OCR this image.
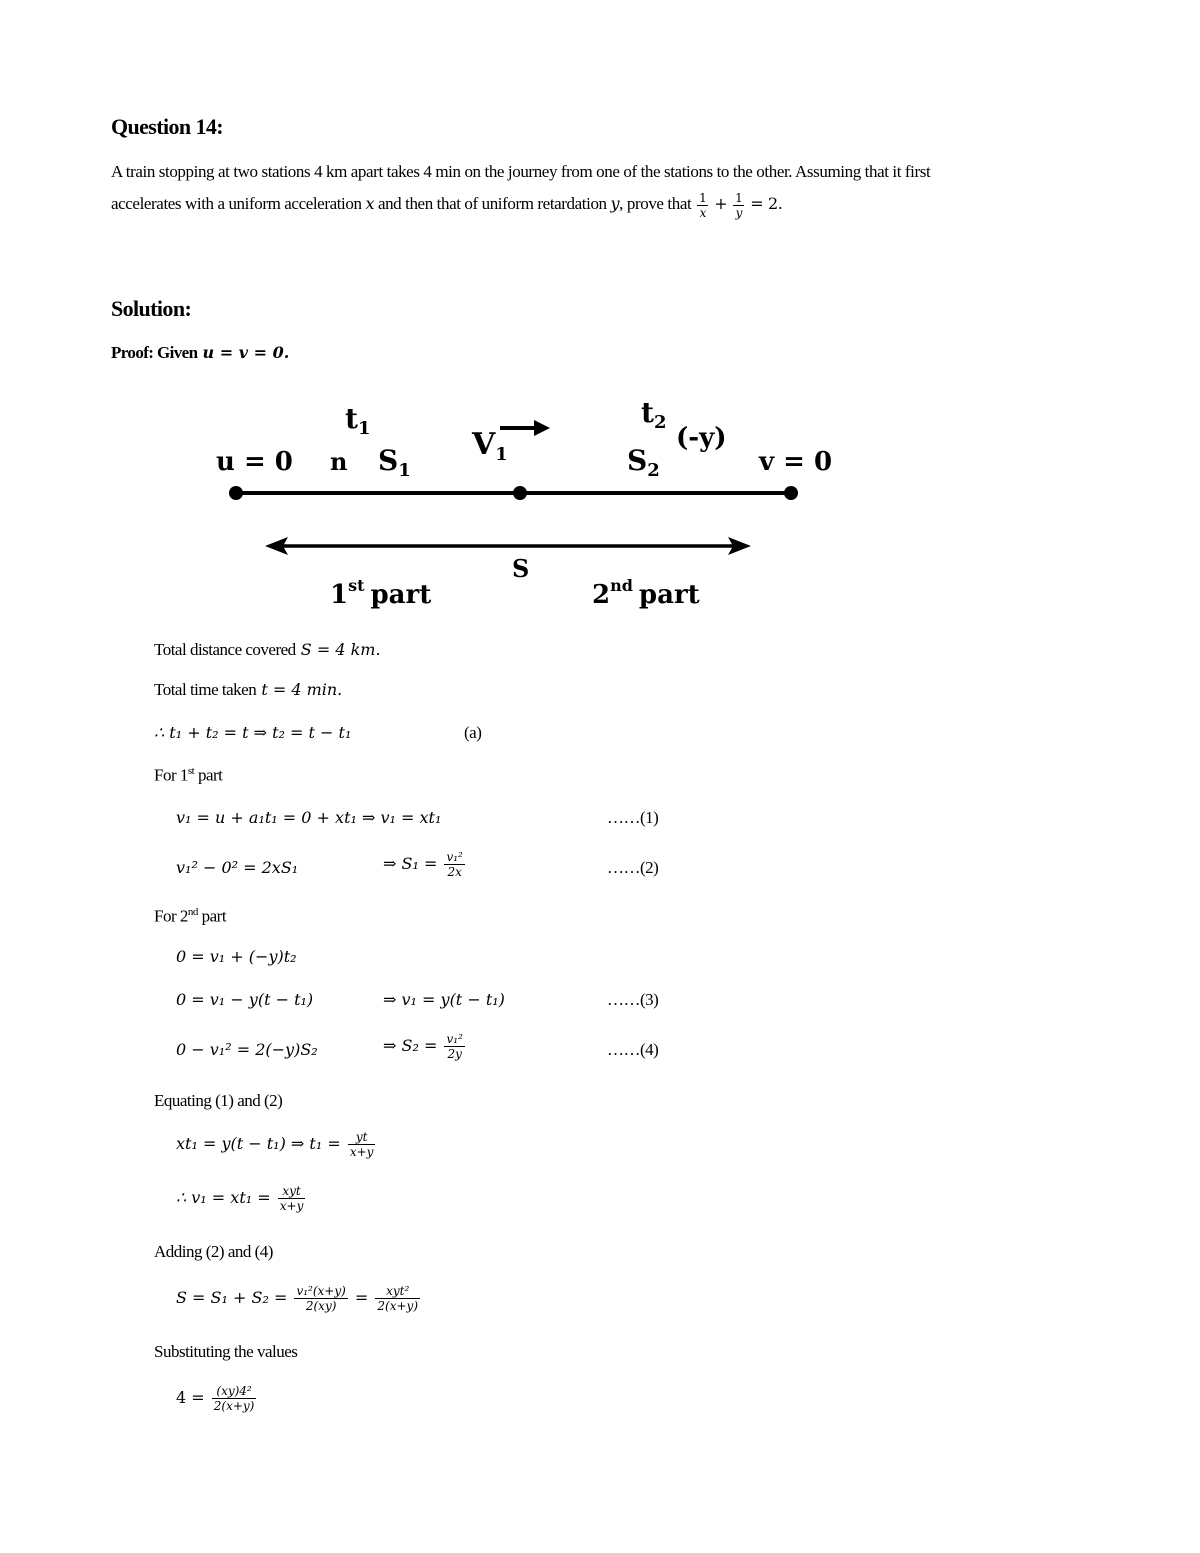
Question 14:
A train stopping at two stations 4 km apart takes 4 min on the journey from one of the stations to the other. Assuming that it first
accelerates with a uniform acceleration x and then that of uniform retardation y, prove that $\frac{1}{x} + \frac{1}{y} = 2$.
Solution:
Proof: Given u = v = 0.
$t_1$	$t_2$
(-y)
u = 0 n $S_1$
$V_1$	$S_2$	v = 0
S
1st part	2nd part
Total distance covered S = 4 km.
Total time taken t = 4 min.
∴ t₁ + t₂ = t ⇒ t₂ = t − t₁	(a)
For 1st part
v₁ = u + a₁t₁ = 0 + xt₁ ⇒ v₁ = xt₁	……(1)
v₁² − 0² = 2xS₁	⇒ $S_1 = \frac{\text{v₁²}}{2x}$	……(2)
For 2nd part
0 = v₁ + (−y)t₂
0 = v₁ − y(t − t₁)	⇒ v₁ = y(t − t₁)	……(3)
0 − v₁² = 2(−y)S₂	⇒ $S_2 = \frac{\text{v₁²}}{2y}$	……(4)
Equating (1) and (2)
xt₁ = y(t − t₁) ⇒ $t_1 = \frac{yt}{x+y}$
∴ $v_1 = xt_1 = \frac{\text{xyt}}{x+y}$
Adding (2) and (4)
$S = S_1 + S_2 = \frac{\text{v₁²(x+y)}}{2(xy)} = \frac{\text{xyt²}}{2(x+y)}$
Substituting the values
$4 = \frac{\text{(xy)4²}}{2(x+y)}$
